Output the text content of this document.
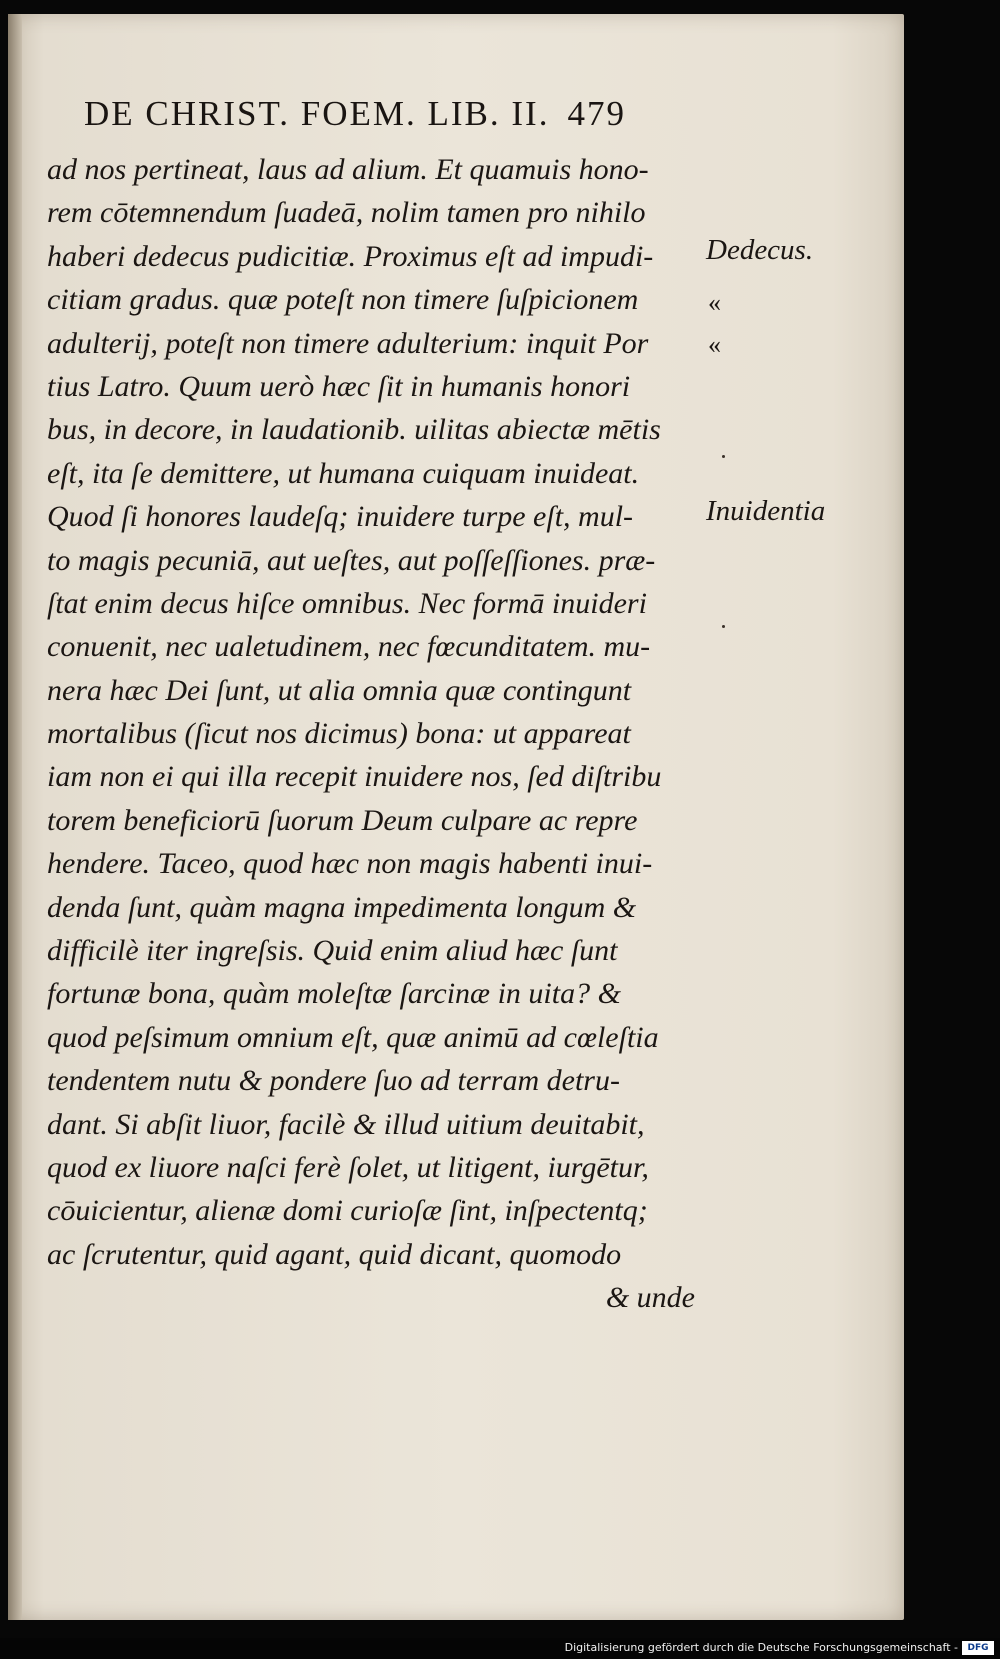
DE CHRIST. FOEM. LIB. II. 479
ad nos pertineat, laus ad alium. Et quamuis hono-
rem cōtemnendum ſuadeā, nolim tamen pro nihilo
haberi dedecus pudicitiæ. Proximus eſt ad impudi-
citiam gradus. quæ poteſt non timere ſuſpicionem
adulterij, poteſt non timere adulterium: inquit Por
tius Latro. Quum uerò hæc ſit in humanis honori
bus, in decore, in laudationib. uilitas abiectæ mētis
eſt, ita ſe demittere, ut humana cuiquam inuideat.
Quod ſi honores laudeſq; inuidere turpe eſt, mul-
to magis pecuniā, aut ueſtes, aut poſſeſſiones. præ-
ſtat enim decus hiſce omnibus. Nec formā inuideri
conuenit, nec ualetudinem, nec fœcunditatem. mu-
nera hæc Dei ſunt, ut alia omnia quæ contingunt
mortalibus (ſicut nos dicimus) bona: ut appareat
iam non ei qui illa recepit inuidere nos, ſed diſtribu
torem beneficiorū ſuorum Deum culpare ac repre
hendere. Taceo, quod hæc non magis habenti inui-
denda ſunt, quàm magna impedimenta longum &
difficilè iter ingreſsis. Quid enim aliud hæc ſunt
fortunæ bona, quàm moleſtæ ſarcinæ in uita? &
quod peſsimum omnium eſt, quæ animū ad cœleſtia
tendentem nutu & pondere ſuo ad terram detru-
dant. Si abſit liuor, facilè & illud uitium deuitabit,
quod ex liuore naſci ferè ſolet, ut litigent, iurgētur,
cōuicientur, alienæ domi curioſæ ſint, inſpectentq;
ac ſcrutentur, quid agant, quid dicant, quomodo
& unde
Dedecus.
«
«
Inuidentia
Digitalisierung gefördert durch die Deutsche Forschungsgemeinschaft -	DFG
